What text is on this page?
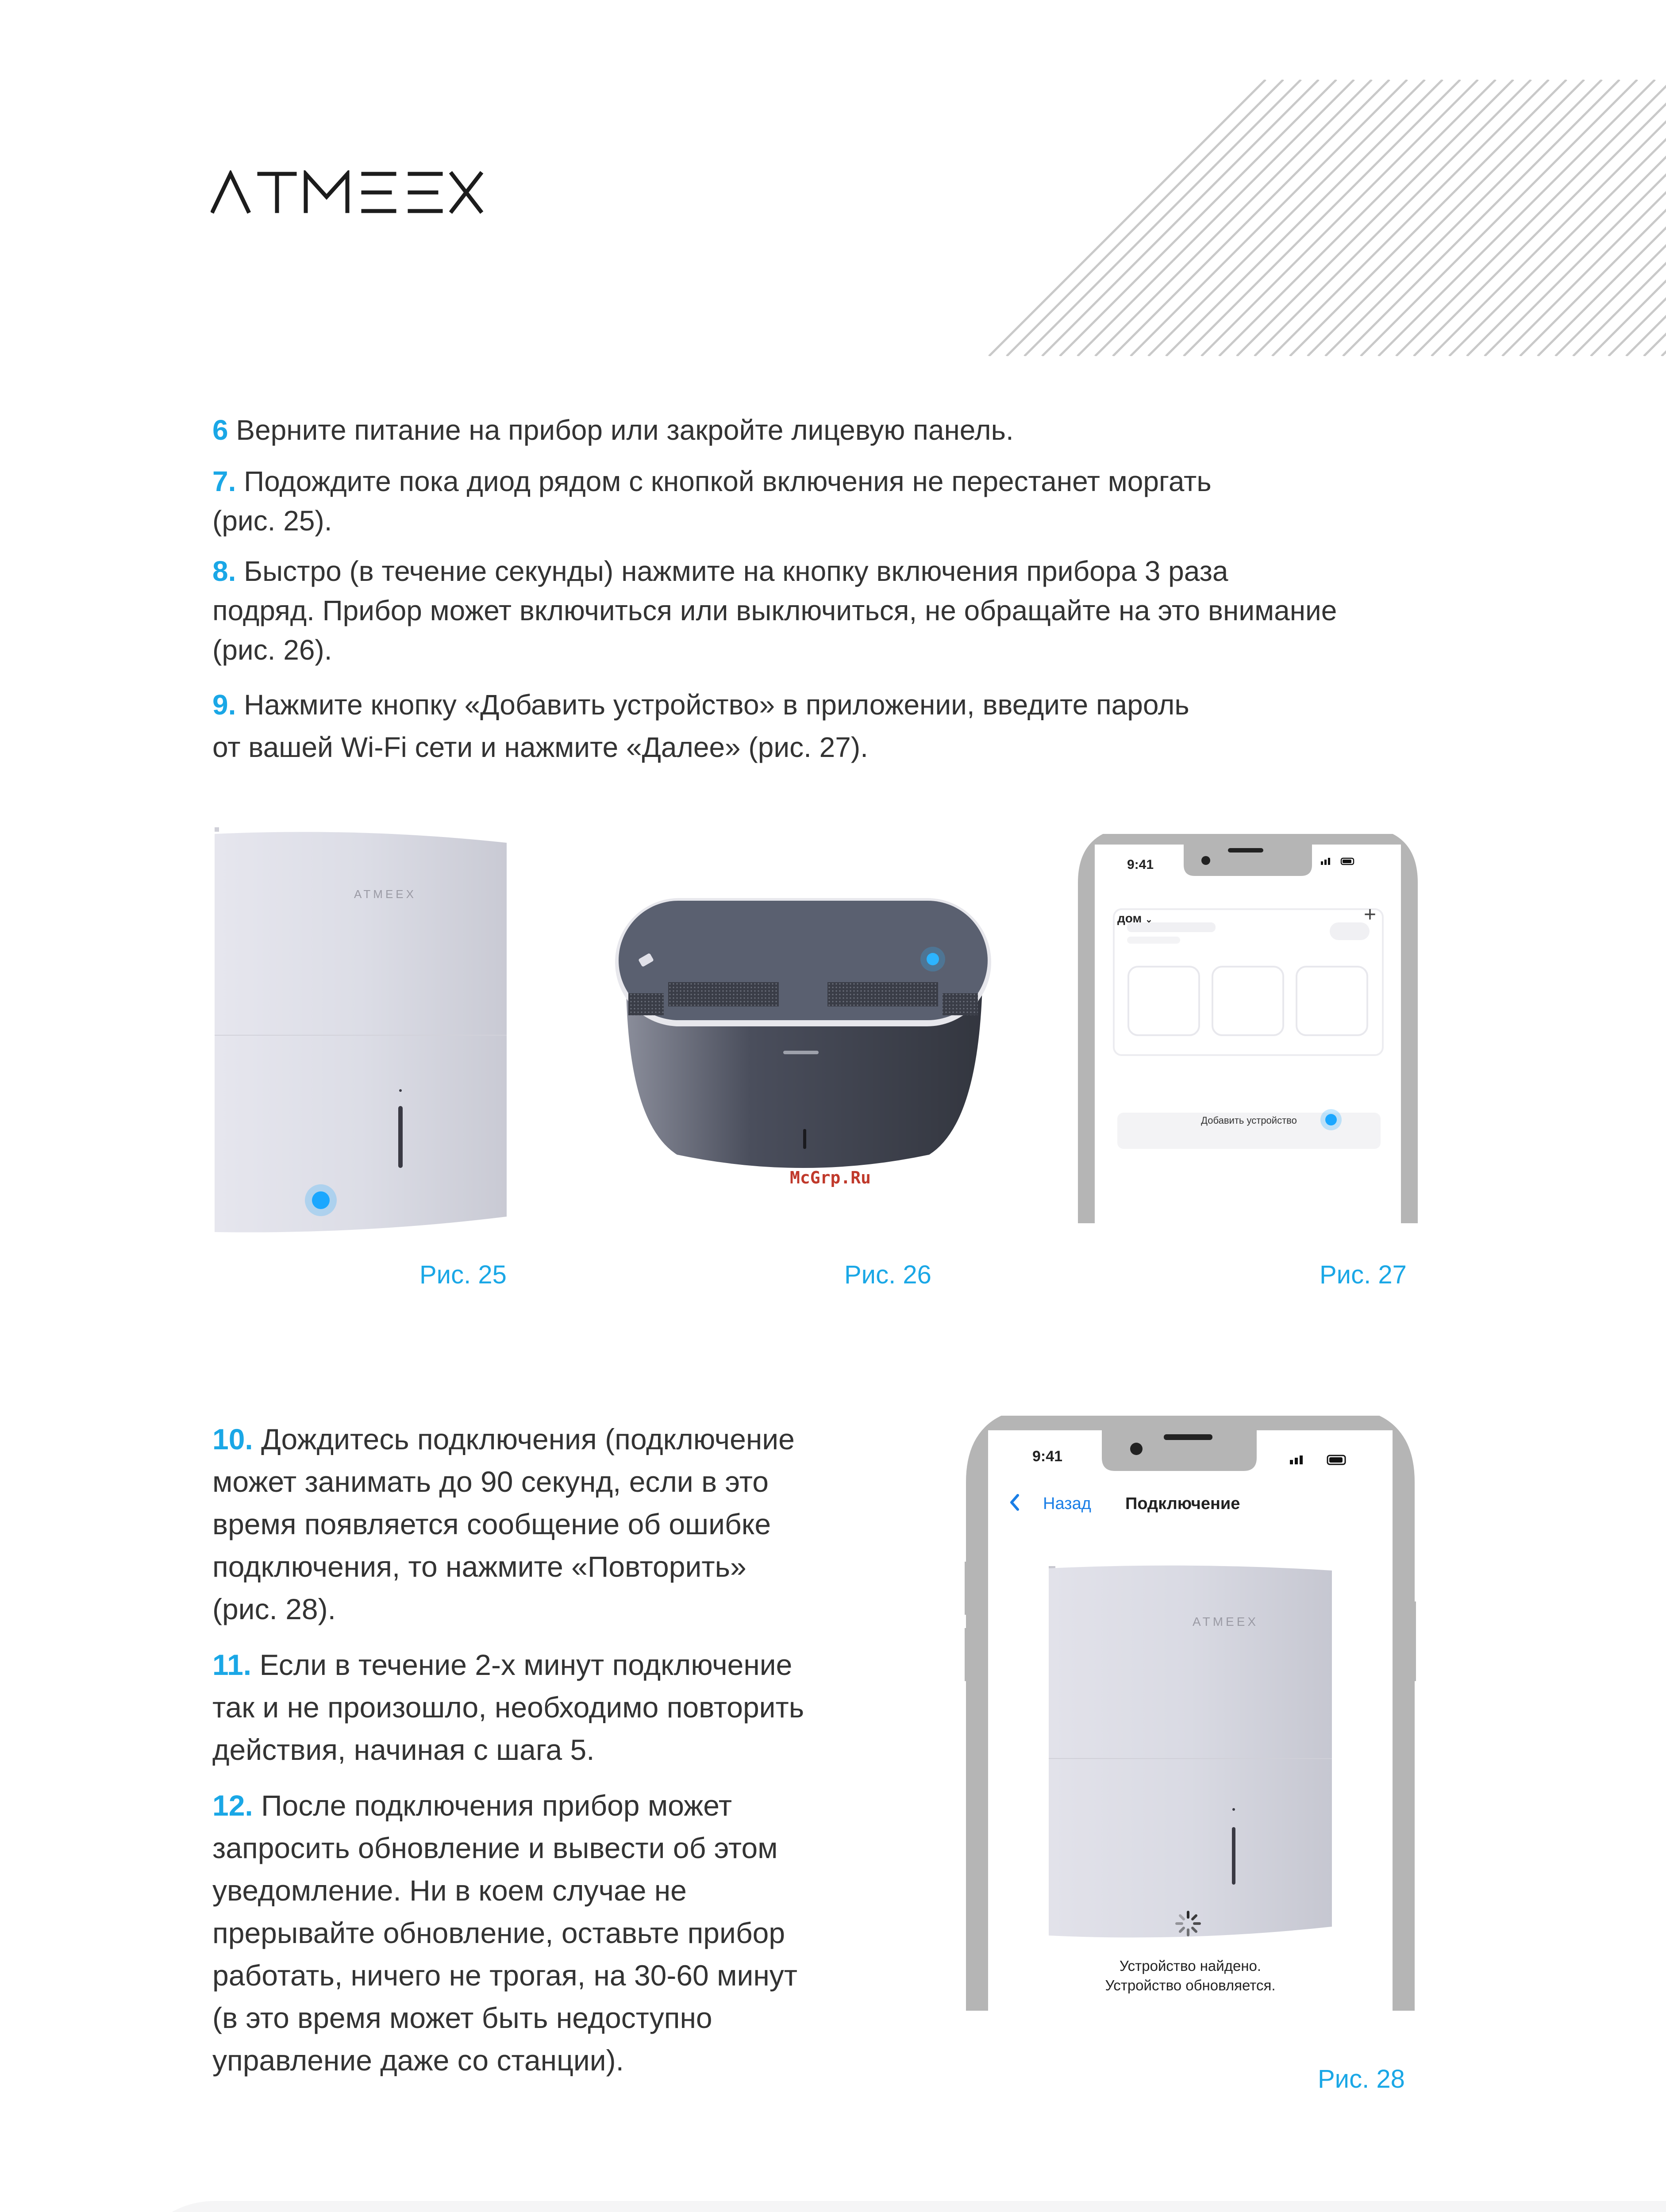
6 Верните питание на прибор или закройте лицевую панель.
7. Подождите пока диод рядом с кнопкой включения не перестанет моргать
(рис. 25).
8. Быстро (в течение секунды) нажмите на кнопку включения прибора 3 раза
подряд. Прибор может включиться или выключиться, не обращайте на это внимание
(рис. 26).
9. Нажмите кнопку «Добавить устройство» в приложении, введите пароль
от вашей Wi-Fi сети и нажмите «Далее» (рис. 27).
ATMEEX
McGrp.Ru
9:41
дом ⌄	+
Добавить устройство
Рис. 25	Рис. 26	Рис. 27

10. Дождитесь подключения (подключение
может занимать до 90 секунд, если в это
время появляется сообщение об ошибке
подключения, то нажмите «Повторить»
(рис. 28).

11. Если в течение 2-х минут подключение
так и не произошло, необходимо повторить
действия, начиная с шага 5.

12. После подключения прибор может
запросить обновление и вывести об этом
уведомление. Ни в коем случае не
прерывайте обновление, оставьте прибор
работать, ничего не трогая, на 30-60 минут
(в это время может быть недоступно
управление даже со станции).

ATMEEX
9:41
Назад Подключение
Устройство найдено.
Устройство обновляется.
Рис. 28
